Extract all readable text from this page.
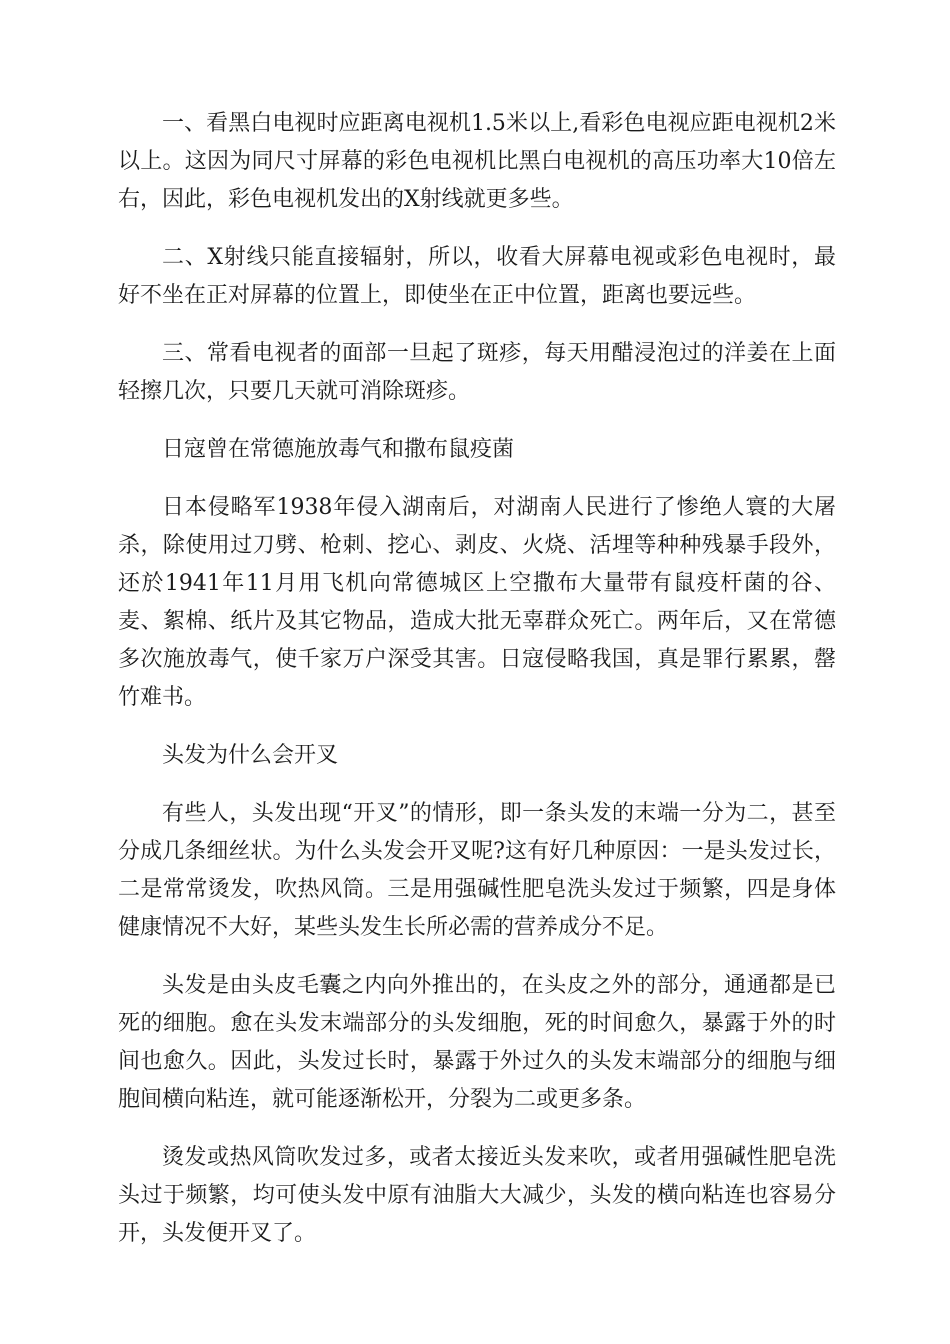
一、看黑白电视时应距离电视机1.5米以上,看彩色电视应距电视机2米以上。这因为同尺寸屏幕的彩色电视机比黑白电视机的高压功率大10倍左右，因此，彩色电视机发出的X射线就更多些。

二、X射线只能直接辐射，所以，收看大屏幕电视或彩色电视时，最好不坐在正对屏幕的位置上，即使坐在正中位置，距离也要远些。

三、常看电视者的面部一旦起了斑疹，每天用醋浸泡过的洋姜在上面轻擦几次，只要几天就可消除斑疹。

日寇曾在常德施放毒气和撒布鼠疫菌

日本侵略军1938年侵入湖南后，对湖南人民进行了惨绝人寰的大屠杀，除使用过刀劈、枪刺、挖心、剥皮、火烧、活埋等种种残暴手段外，还於1941年11月用飞机向常德城区上空撒布大量带有鼠疫杆菌的谷、麦、絮棉、纸片及其它物品，造成大批无辜群众死亡。两年后，又在常德多次施放毒气，使千家万户深受其害。日寇侵略我国，真是罪行累累，罄竹难书。

头发为什么会开叉

有些人，头发出现“开叉”的情形，即一条头发的末端一分为二，甚至分成几条细丝状。为什么头发会开叉呢?这有好几种原因：一是头发过长，二是常常烫发，吹热风筒。三是用强碱性肥皂洗头发过于频繁，四是身体健康情况不大好，某些头发生长所必需的营养成分不足。

头发是由头皮毛囊之内向外推出的，在头皮之外的部分，通通都是已死的细胞。愈在头发末端部分的头发细胞，死的时间愈久，暴露于外的时间也愈久。因此，头发过长时，暴露于外过久的头发末端部分的细胞与细胞间横向粘连，就可能逐渐松开，分裂为二或更多条。

烫发或热风筒吹发过多，或者太接近头发来吹，或者用强碱性肥皂洗头过于频繁，均可使头发中原有油脂大大减少，头发的横向粘连也容易分开，头发便开叉了。
